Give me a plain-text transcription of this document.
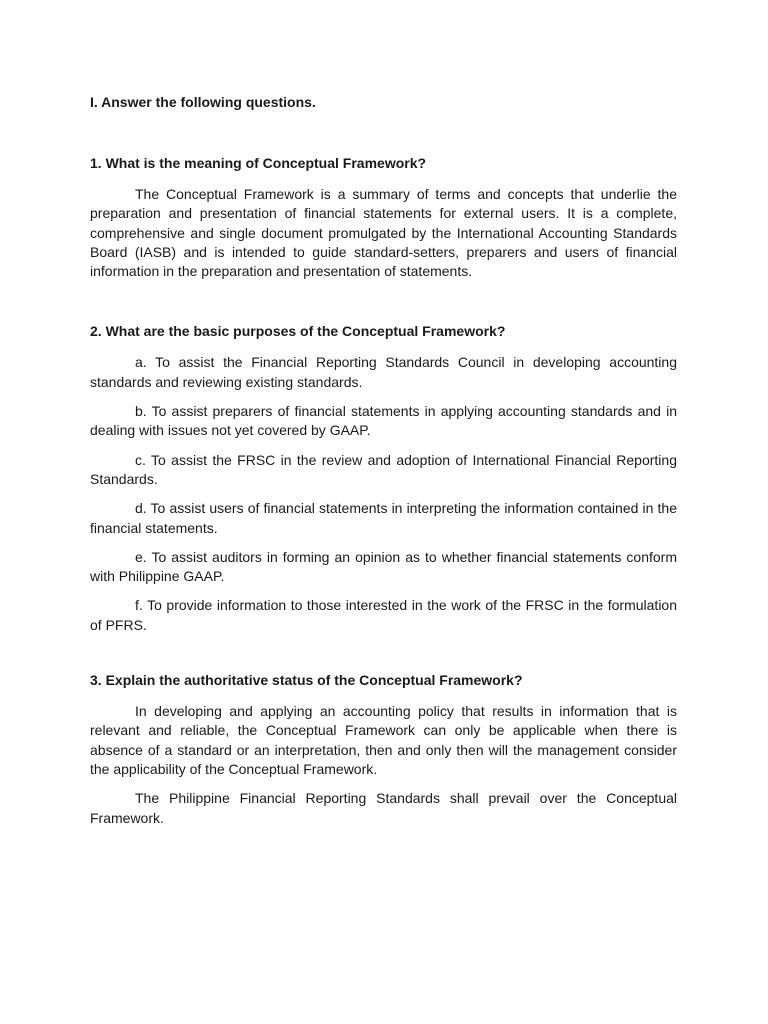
I. Answer the following questions.
1. What is the meaning of Conceptual Framework?

The Conceptual Framework is a summary of terms and concepts that underlie the preparation and presentation of financial statements for external users. It is a complete, comprehensive and single document promulgated by the International Accounting Standards Board (IASB) and is intended to guide standard-setters, preparers and users of financial information in the preparation and presentation of statements.

2. What are the basic purposes of the Conceptual Framework?

a. To assist the Financial Reporting Standards Council in developing accounting standards and reviewing existing standards.

b. To assist preparers of financial statements in applying accounting standards and in dealing with issues not yet covered by GAAP.

c. To assist the FRSC in the review and adoption of International Financial Reporting Standards.

d. To assist users of financial statements in interpreting the information contained in the financial statements.

e. To assist auditors in forming an opinion as to whether financial statements conform with Philippine GAAP.

f. To provide information to those interested in the work of the FRSC in the formulation of PFRS.

3. Explain the authoritative status of the Conceptual Framework?

In developing and applying an accounting policy that results in information that is relevant and reliable, the Conceptual Framework can only be applicable when there is absence of a standard or an interpretation, then and only then will the management consider the applicability of the Conceptual Framework.

The Philippine Financial Reporting Standards shall prevail over the Conceptual Framework.
